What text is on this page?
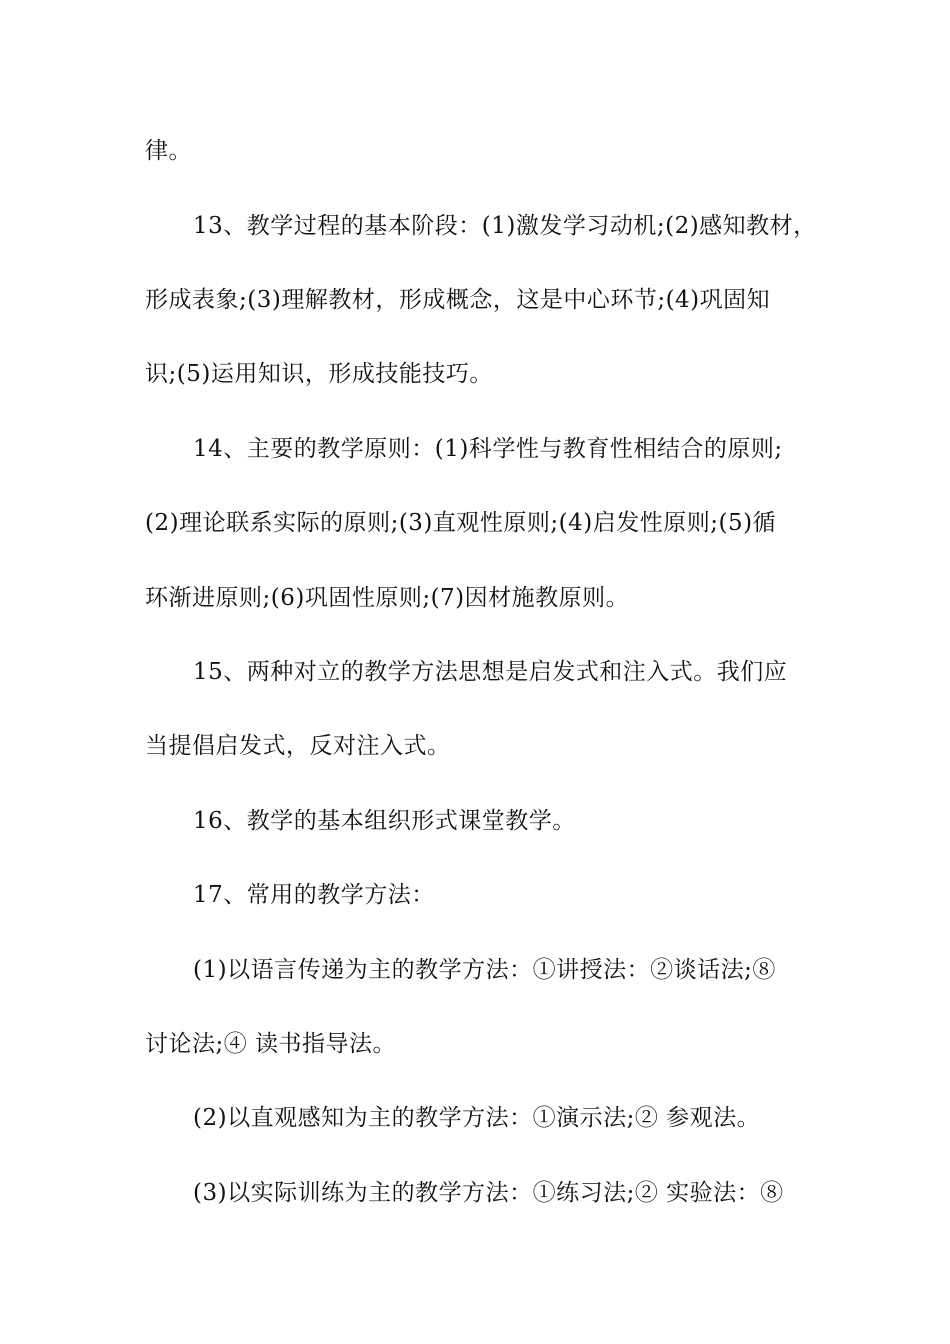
律。
13、教学过程的基本阶段：(1)激发学习动机;(2)感知教材，
形成表象;(3)理解教材，形成概念，这是中心环节;(4)巩固知
识;(5)运用知识，形成技能技巧。
14、主要的教学原则：(1)科学性与教育性相结合的原则;
(2)理论联系实际的原则;(3)直观性原则;(4)启发性原则;(5)循
环渐进原则;(6)巩固性原则;(7)因材施教原则。
15、两种对立的教学方法思想是启发式和注入式。我们应
当提倡启发式，反对注入式。
16、教学的基本组织形式课堂教学。
17、常用的教学方法：
(1)以语言传递为主的教学方法：①讲授法：②谈话法;⑧
讨论法;④ 读书指导法。
(2)以直观感知为主的教学方法：①演示法;② 参观法。
(3)以实际训练为主的教学方法：①练习法;② 实验法：⑧
